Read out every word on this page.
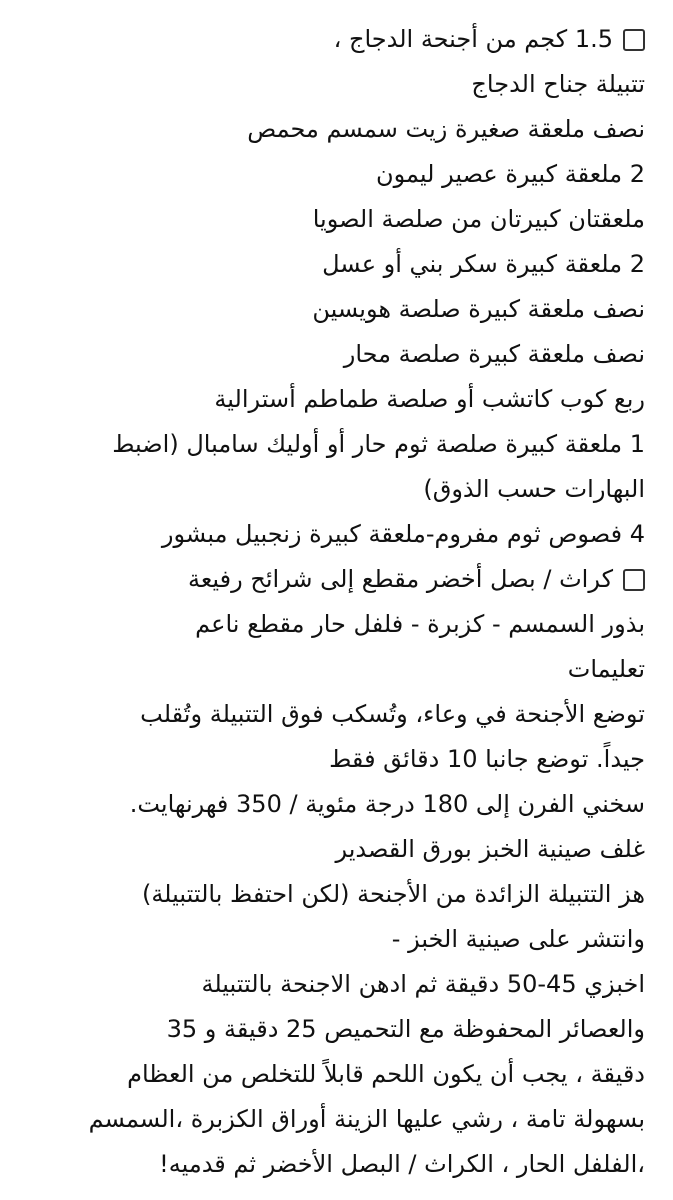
1.5 كجم من أجنحة الدجاج ،
تتبيلة جناح الدجاج
نصف ملعقة صغيرة زيت سمسم محمص
2 ملعقة كبيرة عصير ليمون
ملعقتان كبيرتان من صلصة الصويا
2 ملعقة كبيرة سكر بني أو عسل
نصف ملعقة كبيرة صلصة هويسين
نصف ملعقة كبيرة صلصة محار
ربع كوب كاتشب أو صلصة طماطم أسترالية
1 ملعقة كبيرة صلصة ثوم حار أو أوليك سامبال (اضبط
البهارات حسب الذوق)
4 فصوص ثوم مفروم-ملعقة كبيرة زنجبيل مبشور
كراث / بصل أخضر مقطع إلى شرائح رفيعة
بذور السمسم - كزبرة - فلفل حار مقطع ناعم
تعليمات
توضع الأجنحة في وعاء، وتُسكب فوق التتبيلة وتُقلب
جيداً. توضع جانبا 10 دقائق فقط
سخني الفرن إلى 180 درجة مئوية / 350 فهرنهايت.
غلف صينية الخبز بورق القصدير
هز التتبيلة الزائدة من الأجنحة (لكن احتفظ بالتتبيلة)
وانتشر على صينية الخبز -
اخبزي 45-50 دقيقة ثم ادهن الاجنحة بالتتبيلة
والعصائر المحفوظة مع التحميص 25 دقيقة و 35
دقيقة ، يجب أن يكون اللحم قابلاً للتخلص من العظام
بسهولة تامة ، رشي عليها الزينة أوراق الكزبرة ،السمسم
،الفلفل الحار ، الكراث / البصل الأخضر ثم قدميه!
